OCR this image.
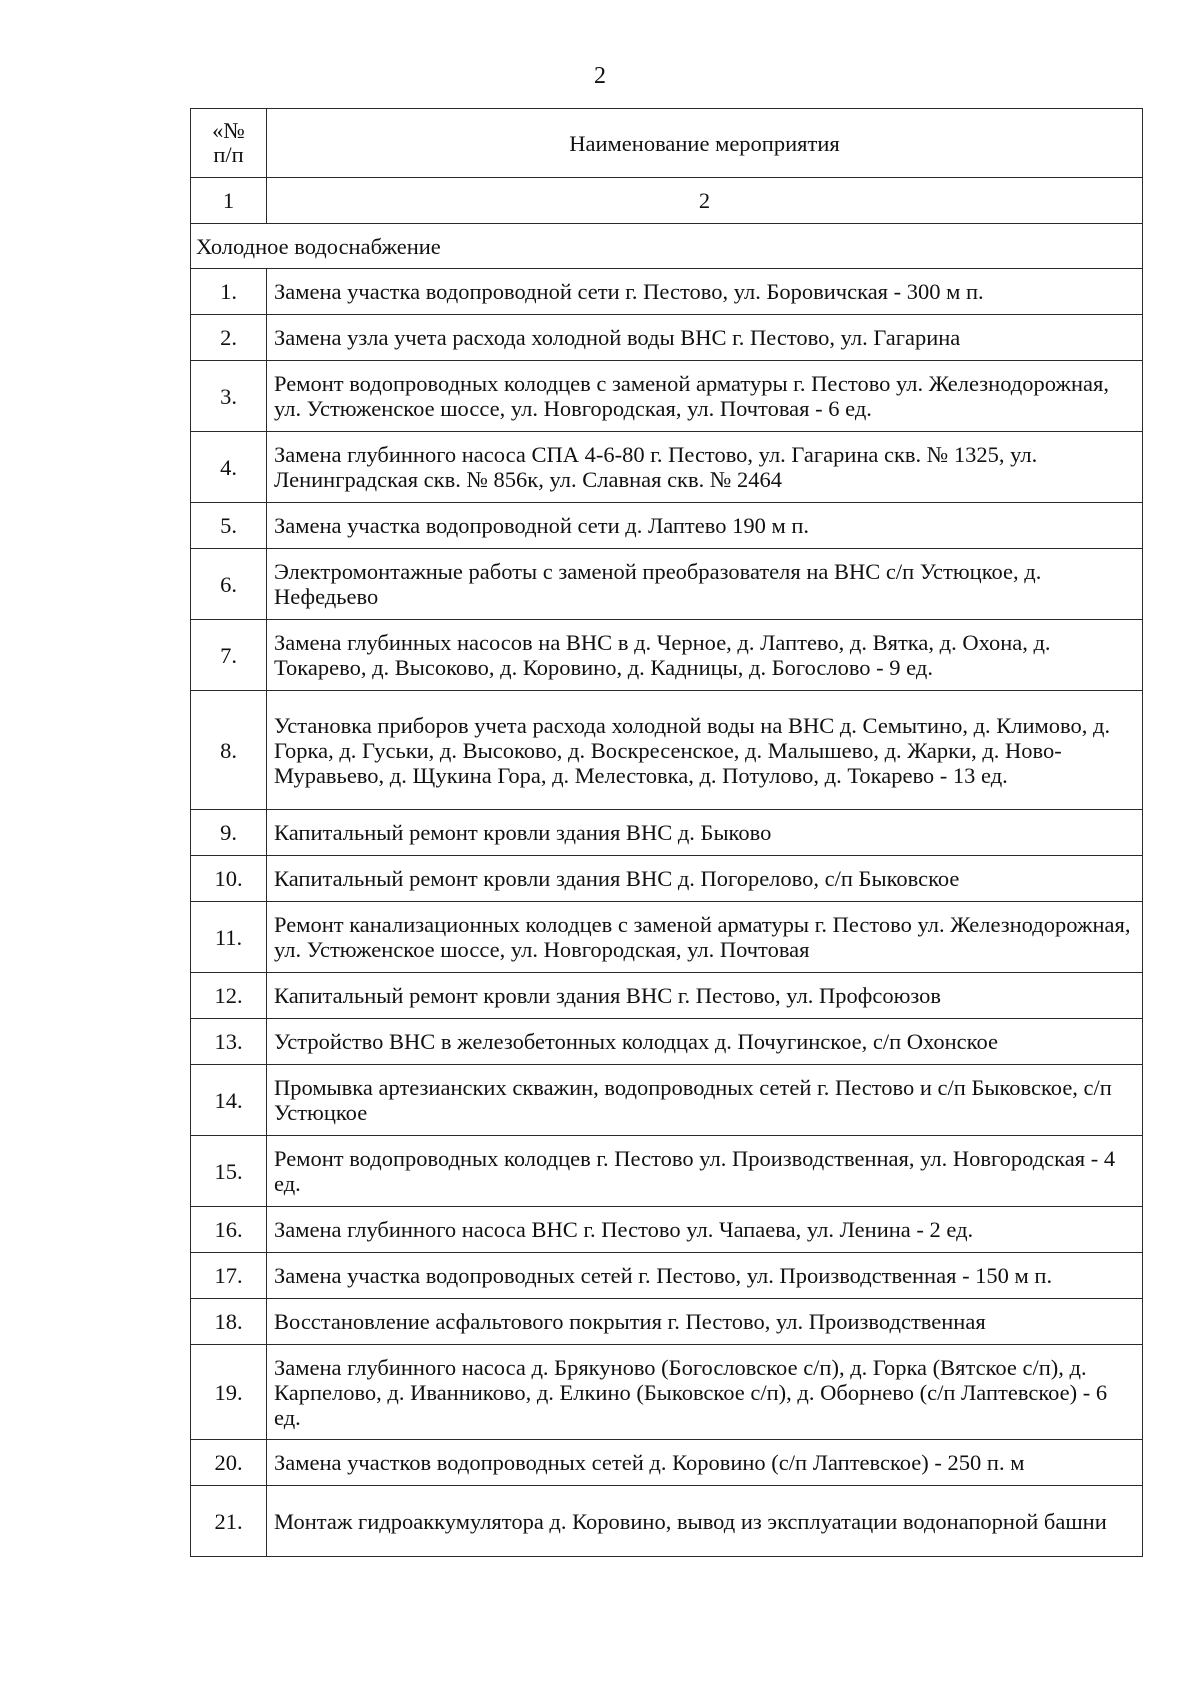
2
«№
п/п	Наименование мероприятия
1	2
Холодное водоснабжение	
1.	Замена участка водопроводной сети г. Пестово, ул. Боровичская - 300 м п.
2.	Замена узла учета расхода холодной воды ВНС г. Пестово, ул. Гагарина
3.	Ремонт водопроводных колодцев с заменой арматуры г. Пестово ул. Железнодорожная, ул. Устюженское шоссе, ул. Новгородская, ул. Почтовая - 6 ед.
4.	Замена глубинного насоса СПА 4-6-80 г. Пестово, ул. Гагарина скв. № 1325, ул. Ленинградская скв. № 856к, ул. Славная скв. № 2464
5.	Замена участка водопроводной сети д. Лаптево 190 м п.
6.	Электромонтажные работы с заменой преобразователя на ВНС с/п Устюцкое, д. Нефедьево
7.	Замена глубинных насосов на ВНС в д. Черное, д. Лаптево, д. Вятка, д. Охона, д. Токарево, д. Высоково, д. Коровино, д. Кадницы, д. Богослово - 9 ед.
8.	Установка приборов учета расхода холодной воды на ВНС д. Семытино, д. Климово, д. Горка, д. Гуськи, д. Высоково, д. Воскресенское, д. Малышево, д. Жарки, д. Ново-Муравьево, д. Щукина Гора, д. Мелестовка, д. Потулово, д. Токарево - 13 ед.
9.	Капитальный ремонт кровли здания ВНС д. Быково
10.	Капитальный ремонт кровли здания ВНС д. Погорелово, с/п Быковское
11.	Ремонт канализационных колодцев с заменой арматуры г. Пестово ул. Железнодорожная, ул. Устюженское шоссе, ул. Новгородская, ул. Почтовая
12.	Капитальный ремонт кровли здания ВНС г. Пестово, ул. Профсоюзов
13.	Устройство ВНС в железобетонных колодцах д. Почугинское, с/п Охонское
14.	Промывка артезианских скважин, водопроводных сетей г. Пестово и с/п Быковское, с/п Устюцкое
15.	Ремонт водопроводных колодцев г. Пестово ул. Производственная, ул. Новгородская - 4 ед.
16.	Замена глубинного насоса ВНС г. Пестово ул. Чапаева, ул. Ленина - 2 ед.
17.	Замена участка водопроводных сетей г. Пестово, ул. Производственная - 150 м п.
18.	Восстановление асфальтового покрытия г. Пестово, ул. Производственная
19.	Замена глубинного насоса д. Брякуново (Богословское с/п), д. Горка (Вятское с/п), д. Карпелово, д. Иванниково, д. Елкино (Быковское с/п), д. Оборнево (с/п Лаптевское) - 6 ед.
20.	Замена участков водопроводных сетей д. Коровино (с/п Лаптевское) - 250 п. м
21.	Монтаж гидроаккумулятора д. Коровино, вывод из эксплуатации водонапорной башни
